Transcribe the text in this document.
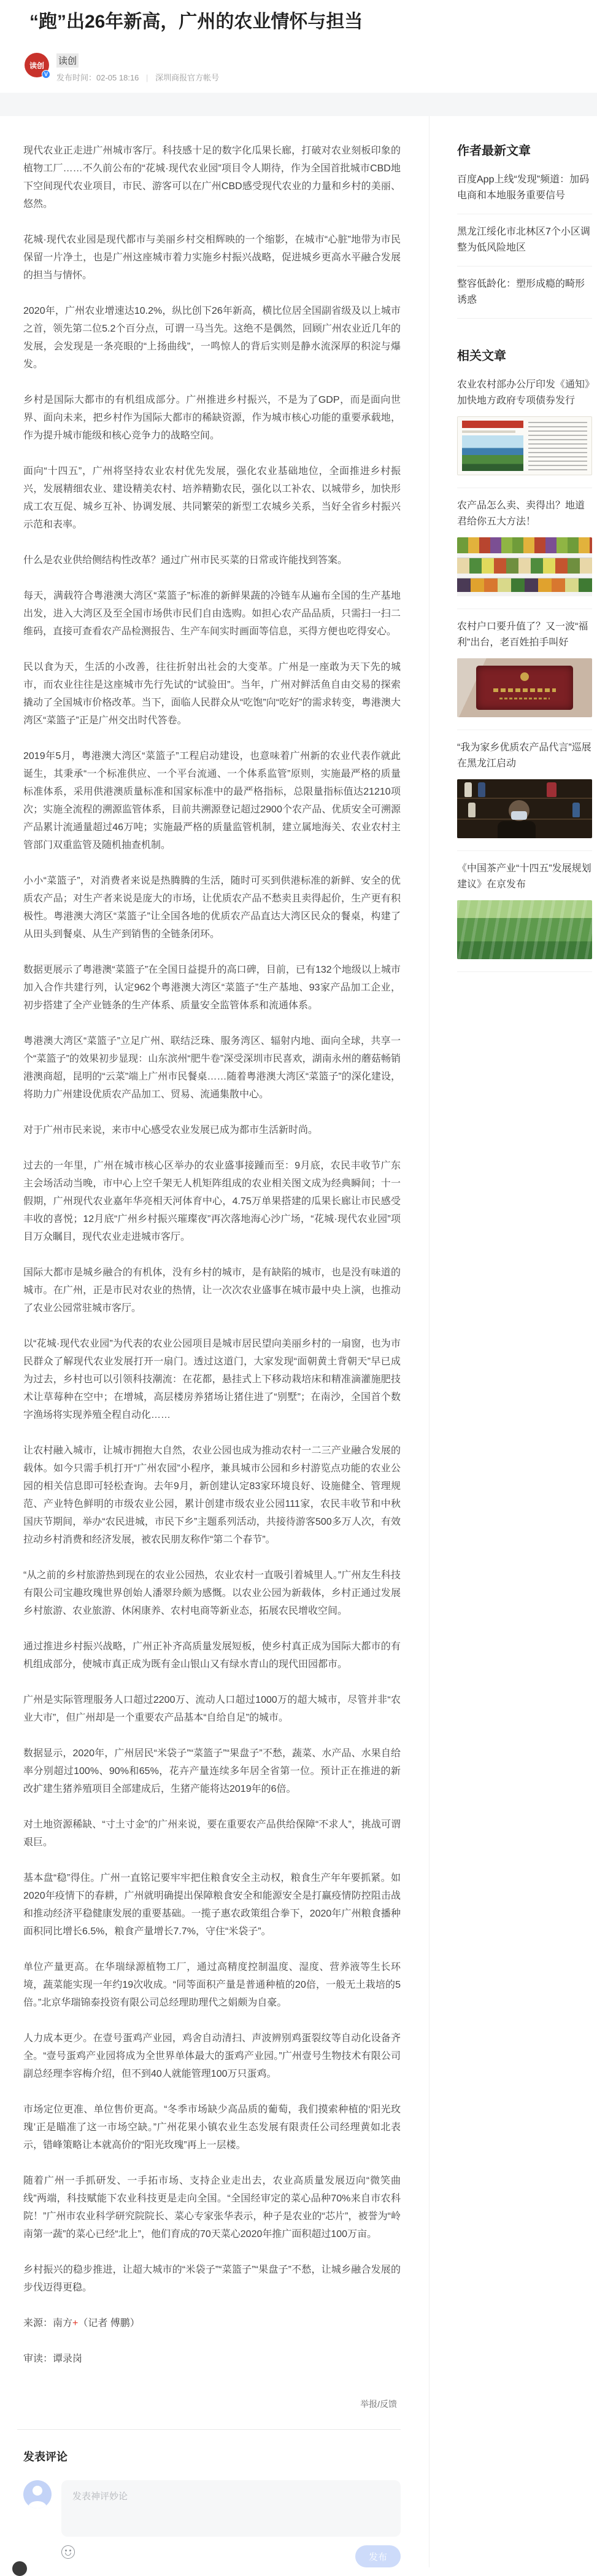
“跑”出26年新高，广州的农业情怀与担当
读创
V
读创
发布时间：02-05 18:16 | 深圳商报官方帐号

现代农业正走进广州城市客厅。科技感十足的数字化瓜果长廊，打破对农业刻板印象的植物工厂……不久前公布的“花城·现代农业园”项目令人期待，作为全国首批城市CBD地下空间现代农业项目，市民、游客可以在广州CBD感受现代农业的力量和乡村的美丽、悠然。

花城·现代农业园是现代都市与美丽乡村交相辉映的一个缩影，在城市“心脏”地带为市民保留一片净土，也是广州这座城市着力实施乡村振兴战略，促进城乡更高水平融合发展的担当与情怀。

2020年，广州农业增速达10.2%，纵比创下26年新高，横比位居全国副省级及以上城市之首，领先第二位5.2个百分点，可谓一马当先。这绝不是偶然，回顾广州农业近几年的发展，会发现是一条亮眼的“上扬曲线”，一鸣惊人的背后实则是静水流深厚的积淀与爆发。

乡村是国际大都市的有机组成部分。广州推进乡村振兴，不是为了GDP，而是面向世界、面向未来，把乡村作为国际大都市的稀缺资源，作为城市核心功能的重要承载地，作为提升城市能级和核心竞争力的战略空间。

面向“十四五”，广州将坚持农业农村优先发展，强化农业基础地位，全面推进乡村振兴，发展精细农业、建设精美农村、培养精勤农民，强化以工补农、以城带乡，加快形成工农互促、城乡互补、协调发展、共同繁荣的新型工农城乡关系，当好全省乡村振兴示范和表率。

什么是农业供给侧结构性改革？通过广州市民买菜的日常或许能找到答案。

每天，满载符合粤港澳大湾区“菜篮子”标准的新鲜果蔬的冷链车从遍布全国的生产基地出发，进入大湾区及至全国市场供市民们自由选购。如担心农产品品质，只需扫一扫二维码，直接可查看农产品检测报告、生产车间实时画面等信息，买得方便也吃得安心。

民以食为天，生活的小改善，往往折射出社会的大变革。广州是一座敢为天下先的城市，而农业往往是这座城市先行先试的“试验田”。当年，广州对鲜活鱼自由交易的探索撬动了全国城市价格改革。当下，面临人民群众从“吃饱”向“吃好”的需求转变，粤港澳大湾区“菜篮子”正是广州交出时代答卷。

2019年5月，粤港澳大湾区“菜篮子”工程启动建设，也意味着广州新的农业代表作就此诞生，其秉承“一个标准供应、一个平台流通、一个体系监管”原则，实施最严格的质量标准体系，采用供港澳质量标准和国家标准中的最严格指标，总限量指标值达21210项次；实施全流程的溯源监管体系，目前共溯源登记超过2900个农产品、优质安全可溯源产品累计流通量超过46万吨；实施最严格的质量监管机制，建立属地海关、农业农村主管部门双重监管及随机抽查机制。

小小“菜篮子”，对消费者来说是热腾腾的生活，随时可买到供港标准的新鲜、安全的优质农产品；对生产者来说是庞大的市场，让优质农产品不愁卖且卖得起价，生产更有积极性。粤港澳大湾区“菜篮子”让全国各地的优质农产品直达大湾区民众的餐桌，构建了从田头到餐桌、从生产到销售的全链条闭环。

数据更展示了粤港澳“菜篮子”在全国日益提升的高口碑，目前，已有132个地级以上城市加入合作共建行列，认定962个粤港澳大湾区“菜篮子”生产基地、93家产品加工企业，初步搭建了全产业链条的生产体系、质量安全监管体系和流通体系。

粤港澳大湾区“菜篮子”立足广州、联结泛珠、服务湾区、辐射内地、面向全球，共享一个“菜篮子”的效果初步显现：山东滨州“肥牛卷”深受深圳市民喜欢，湖南永州的蘑菇畅销港澳商超，昆明的“云菜”端上广州市民餐桌……随着粤港澳大湾区“菜篮子”的深化建设，将助力广州建设优质农产品加工、贸易、流通集散中心。

对于广州市民来说，来市中心感受农业发展已成为都市生活新时尚。

过去的一年里，广州在城市核心区举办的农业盛事接踵而至：9月底，农民丰收节广东主会场活动当晚，市中心上空千架无人机矩阵组成的农业相关图文成为经典瞬间；十一假期，广州现代农业嘉年华亮相天河体育中心，4.75万单果搭建的瓜果长廊让市民感受丰收的喜悦；12月底“广州乡村振兴璀璨夜”再次落地海心沙广场，“花城·现代农业园”项目万众瞩目，现代农业走进城市客厅。

国际大都市是城乡融合的有机体，没有乡村的城市，是有缺陷的城市，也是没有味道的城市。在广州，正是市民对农业的热情，让一次次农业盛事在城市最中央上演，也推动了农业公园常驻城市客厅。

以“花城·现代农业园”为代表的农业公园项目是城市居民望向美丽乡村的一扇窗，也为市民群众了解现代农业发展打开一扇门。透过这道门，大家发现“面朝黄土背朝天”早已成为过去，乡村也可以引领科技潮流：在花都，悬挂式上下移动栽培床和精准滴灌施肥技术让草莓种在空中；在增城，高层楼房养猪场让猪住进了“别墅”；在南沙，全国首个数字渔场将实现养殖全程自动化……

让农村融入城市，让城市拥抱大自然，农业公园也成为推动农村一二三产业融合发展的载体。如今只需手机打开“广州农园”小程序，兼具城市公园和乡村游览点功能的农业公园的相关信息即可轻松查询。去年9月，新创建认定83家环境良好、设施健全、管理规范、产业特色鲜明的市级农业公园，累计创建市级农业公园111家，农民丰收节和中秋国庆节期间，举办“农民进城，市民下乡”主题系列活动，共接待游客500多万人次，有效拉动乡村消费和经济发展，被农民朋友称作“第二个春节”。

“从之前的乡村旅游热到现在的农业公园热，农业农村一直吸引着城里人。”广州友生科技有限公司宝趣玫瑰世界创始人潘翠玲颇为感慨。以农业公园为新载体，乡村正通过发展乡村旅游、农业旅游、休闲康养、农村电商等新业态，拓展农民增收空间。

通过推进乡村振兴战略，广州正补齐高质量发展短板，使乡村真正成为国际大都市的有机组成部分，使城市真正成为既有金山银山又有绿水青山的现代田园都市。

广州是实际管理服务人口超过2200万、流动人口超过1000万的超大城市，尽管并非“农业大市”，但广州却是一个重要农产品基本“自给自足”的城市。

数据显示，2020年，广州居民“米袋子”“菜篮子”“果盘子”不愁，蔬菜、水产品、水果自给率分别超过100%、90%和65%，花卉产量连续多年居全省第一位。预计正在推进的新改扩建生猪养殖项目全部建成后，生猪产能将达2019年的6倍。

对土地资源稀缺、“寸土寸金”的广州来说，要在重要农产品供给保障“不求人”，挑战可谓艰巨。

基本盘“稳”得住。广州一直铭记要牢牢把住粮食安全主动权，粮食生产年年要抓紧。如2020年疫情下的春耕，广州就明确提出保障粮食安全和能源安全是打赢疫情防控阻击战和推动经济平稳健康发展的重要基础。一揽子惠农政策组合拳下，2020年广州粮食播种面积同比增长6.5%，粮食产量增长7.7%，守住“米袋子”。

单位产量更高。在华瑞绿源植物工厂，通过高精度控制温度、湿度、营养液等生长环境，蔬菜能实现一年约19次收成。“同等面积产量是普通种植的20倍，一般无土栽培的5倍。”北京华瑞锦泰投资有限公司总经理助理代之娟颇为自豪。

人力成本更少。在壹号蛋鸡产业园，鸡舍自动清扫、声波辨别鸡蛋裂纹等自动化设备齐全。“壹号蛋鸡产业园将成为全世界单体最大的蛋鸡产业园。”广州壹号生物技术有限公司副总经理李容梅介绍，但不到40人就能管理100万只蛋鸡。

市场定位更准、单位售价更高。“冬季市场缺少高品质的葡萄，我们摸索种植的‘阳光玫瑰’正是瞄准了这一市场空缺。”广州花果小镇农业生态发展有限责任公司经理黄如北表示，错峰策略让本就高价的“阳光玫瑰”再上一层楼。

随着广州一手抓研发、一手拓市场、支持企业走出去，农业高质量发展迈向“微笑曲线”两端，科技赋能下农业科技更是走向全国。“全国经审定的菜心品种70%来自市农科院！”广州市农业科学研究院院长、菜心专家张华表示，种子是农业的“芯片”，被誉为“岭南第一蔬”的菜心已经“北上”，他们育成的70天菜心2020年推广面积超过100万亩。

乡村振兴的稳步推进，让超大城市的“米袋子”“菜篮子”“果盘子”不愁，让城乡融合发展的步伐迈得更稳。

来源：南方+（记者 傅鹏）

审读：谭录岗

举报/反馈
发表评论
发表神评妙论
发布
作者最新文章
百度App上线“发现”频道：加码电商和本地服务重要信号
黑龙江绥化市北林区7个小区调整为低风险地区
整容低龄化：塑形成瘾的畸形诱惑
相关文章
农业农村部办公厅印发《通知》加快地方政府专项债券发行
农产品怎么卖、卖得出？地道君给你五大方法！
农村户口要升值了？又一波“福利”出台，老百姓拍手叫好
“我为家乡优质农产品代言”巡展在黑龙江启动
《中国茶产业“十四五”发展规划建议》在京发布
